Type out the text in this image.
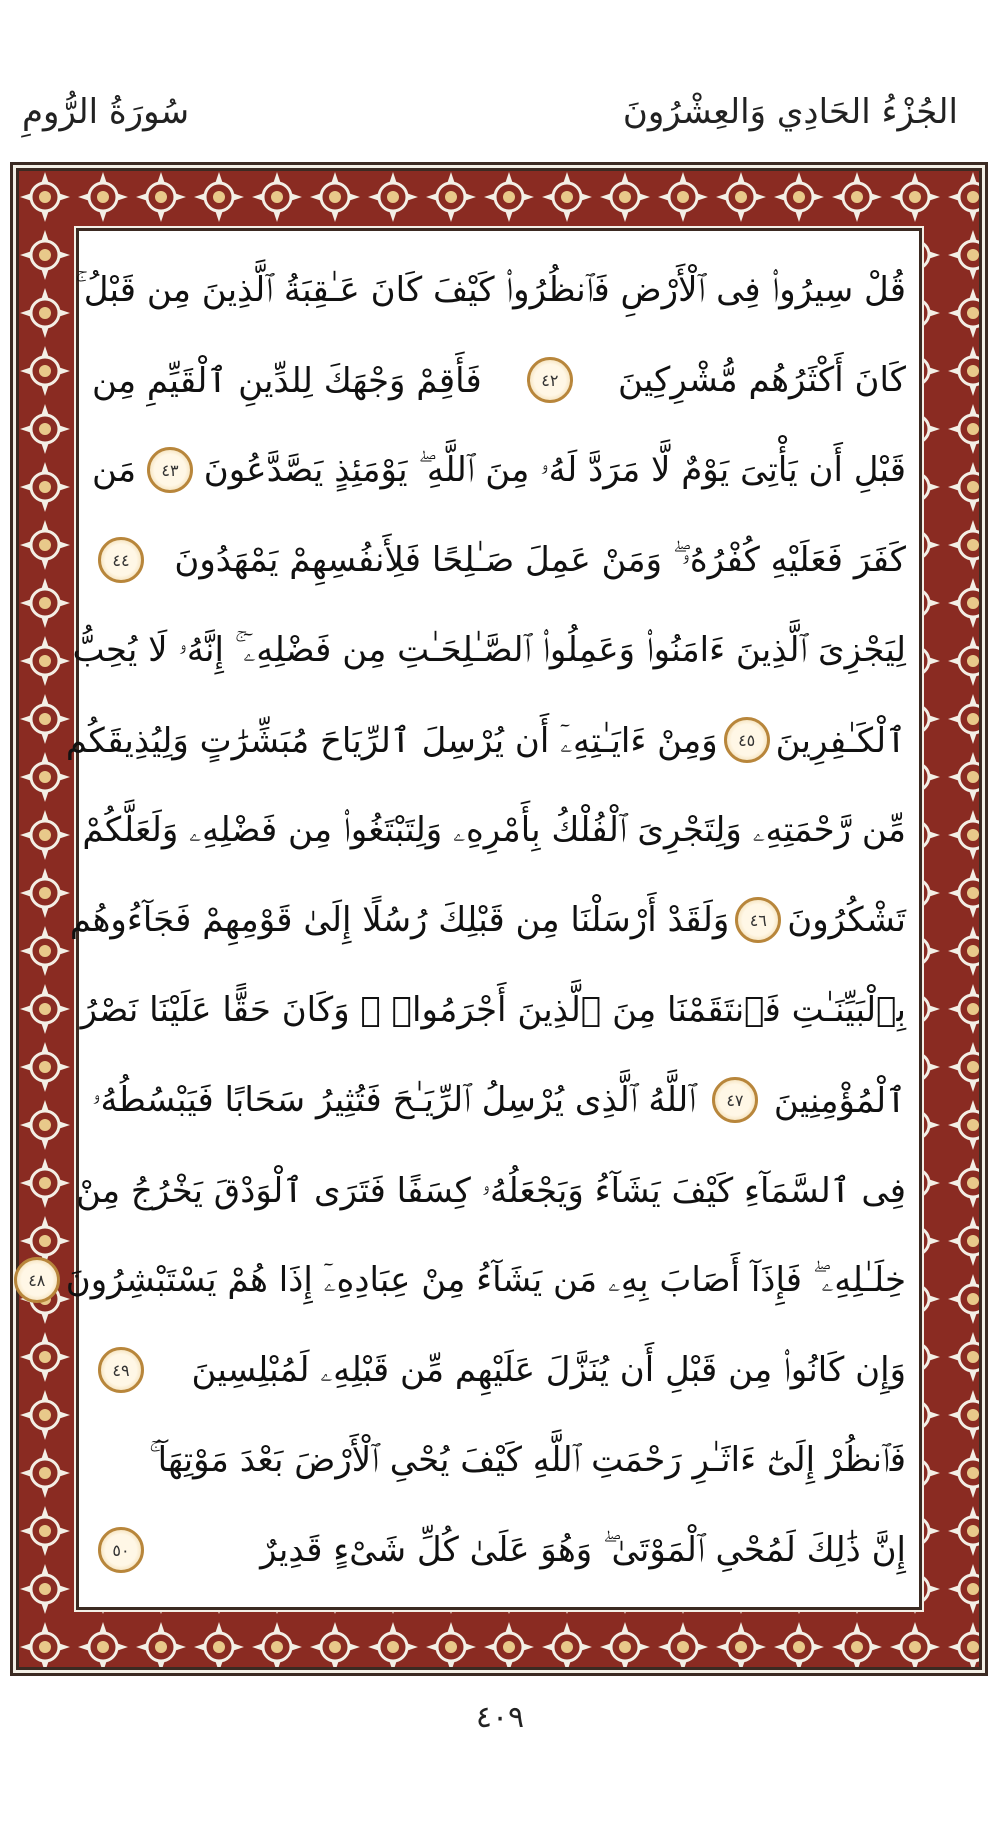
الجُزْءُ الحَادِي وَالعِشْرُونَ
سُورَةُ الرُّومِ
قُلْ سِيرُوا۟ فِى ٱلْأَرْضِ فَٱنظُرُوا۟ كَيْفَ كَانَ عَـٰقِبَةُ ٱلَّذِينَ مِن قَبْلُ ۚ
كَانَ أَكْثَرُهُم مُّشْرِكِينَ
٤٢
فَأَقِمْ وَجْهَكَ لِلدِّينِ ٱلْقَيِّمِ مِن
قَبْلِ أَن يَأْتِىَ يَوْمٌ لَّا مَرَدَّ لَهُۥ مِنَ ٱللَّهِ ۖ يَوْمَئِذٍ يَصَّدَّعُونَ
٤٣
مَن
كَفَرَ فَعَلَيْهِ كُفْرُهُۥ ۖ وَمَنْ عَمِلَ صَـٰلِحًا فَلِأَنفُسِهِمْ يَمْهَدُونَ
٤٤
لِيَجْزِىَ ٱلَّذِينَ ءَامَنُوا۟ وَعَمِلُوا۟ ٱلصَّـٰلِحَـٰتِ مِن فَضْلِهِۦٓ ۚ إِنَّهُۥ لَا يُحِبُّ
ٱلْكَـٰفِرِينَ
٤٥
وَمِنْ ءَايَـٰتِهِۦٓ أَن يُرْسِلَ ٱلرِّيَاحَ مُبَشِّرَٰتٍ وَلِيُذِيقَكُم
مِّن رَّحْمَتِهِۦ وَلِتَجْرِىَ ٱلْفُلْكُ بِأَمْرِهِۦ وَلِتَبْتَغُوا۟ مِن فَضْلِهِۦ وَلَعَلَّكُمْ
تَشْكُرُونَ
٤٦
وَلَقَدْ أَرْسَلْنَا مِن قَبْلِكَ رُسُلًا إِلَىٰ قَوْمِهِمْ فَجَآءُوهُم
بِٱلْبَيِّنَـٰتِ فَٱنتَقَمْنَا مِنَ ٱلَّذِينَ أَجْرَمُوا۟ ۖ وَكَانَ حَقًّا عَلَيْنَا نَصْرُ
ٱلْمُؤْمِنِينَ
٤٧
ٱللَّهُ ٱلَّذِى يُرْسِلُ ٱلرِّيَـٰحَ فَتُثِيرُ سَحَابًا فَيَبْسُطُهُۥ
فِى ٱلسَّمَآءِ كَيْفَ يَشَآءُ وَيَجْعَلُهُۥ كِسَفًا فَتَرَى ٱلْوَدْقَ يَخْرُجُ مِنْ
خِلَـٰلِهِۦ ۖ فَإِذَآ أَصَابَ بِهِۦ مَن يَشَآءُ مِنْ عِبَادِهِۦٓ إِذَا هُمْ يَسْتَبْشِرُونَ
٤٨
وَإِن كَانُوا۟ مِن قَبْلِ أَن يُنَزَّلَ عَلَيْهِم مِّن قَبْلِهِۦ لَمُبْلِسِينَ
٤٩
فَٱنظُرْ إِلَىٰٓ ءَاثَـٰرِ رَحْمَتِ ٱللَّهِ كَيْفَ يُحْىِ ٱلْأَرْضَ بَعْدَ مَوْتِهَآ ۚ
إِنَّ ذَٰلِكَ لَمُحْىِ ٱلْمَوْتَىٰ ۖ وَهُوَ عَلَىٰ كُلِّ شَىْءٍ قَدِيرٌ
٥٠
٤٠٩
